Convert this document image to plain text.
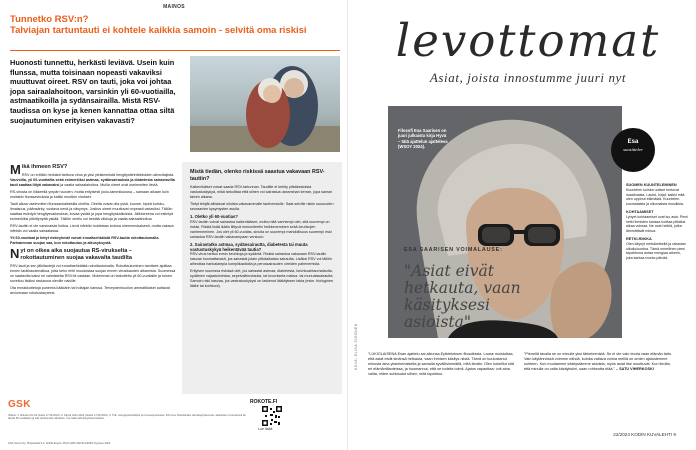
MAINOS
Tunnetko RSV:n?
Talviajan tartuntauti ei kohtele kaikkia samoin - selvitä oma riskisi
Huonosti tunnettu, herkästi leviävä. Usein kuin flunssa, mutta toisinaan nopeasti vakaviksi muuttuvat oireet. RSV on tauti, joka voi johtaa jopa sairaalahoitoon, varsinkin yli 60-vuotiailla, astmaatikoilla ja sydänsairailla. Mistä RSV-taudissa on kyse ja kenen kannattaa ottaa siltä suojautuminen erityisen vakavasti?
M ikä ihmeen RSV?

RSV on erittäin herkästi tarttuva virus ja yksi yleisimmistä hengitystieinfektioiden aiheuttajista. Vauvoilla, yli 60-vuotiailla sekä esimerkiksi astmaa, sydänsairauksia ja diabetesta sairastavilla tauti saattaa liityä vakavaksi ja vaatia sairaalahoitoa. Muilla oireet ovat useimmiten lieviä.

RS-virusta on liikkeellä ympäri vuoden, mutta erityisesti joulu-tammikuussa – samaan aikaan kuin muitakin flunssaviruksia ja kaikki muutkin virukset.

Tauti alkaa useimmiten flunssankaltaisilla oireilla. Oireita voivat olla yskä, kuume, kipeä kurkku, limaisuus, päänsärky, vuotava nenä ja väsymys. Joskus oireet muuttuvat nopeasti vakaviksi. Tällöin saattaa esiintyä hengitysvaikeuksia, kovaa yskää ja jopa hengityskatkoksia. Jälkioireena voi esiintyä esimerkiksi pitkittynyttä yskää. Tällöin oireilu voi kestää viikkoja ja vaatia sairaalahoitoa.

RSV-tautiin ei ole varsinaista hoitoa. Lievä infektio hoidetaan kotona oireenmukaisesti, mutta vakava infektio voi vaatia sairaalassa.

Yli 60-vuotiaat ja tietyt riskiryhmät voivat ennaltaehkäistä RSV-tautia rokottautumalla. Parhaimman suojan saa, kun rokottautuu ja alkusyksystä.

N yt on oikea aika suojautua RS-virukselta – rokottautuminen suojaa vakavalta taudilta

RSV-tauti ja sen jälkitautejä voi ennaltaehkäistä rokottautumalla. Rokottautuminen tarvitsee ajoittaa ennen tautikaudenalkua, jotta keho ehtii muodostaa suojan ennen virusikauden alkamista. Suomessa on saatavilla kaksi eri valmistetta RSV:tä vastaan. Molemmat on tarkoitettu yli 60-vuotiaille ja toinen soveltuu lisäksi raskauna oleville naisille.

Ota ennakkotietoja puheeksi lääkärin tai hoitajan kanssa. Terveydenhuollon ammattilaiset auttavat arvioimaan rokotustarpeesi.

Mistä tiedän, olenko riskissä saastua vakavaan RSV-tautiin?

Kaikenikäiset voivat saada RSV-tartunnan. Tauditle ei kehity pitkäkestoista vastustuskykyä, mikä tarkoittaa että siihen voi sairastua useaminan kerran, jopa saman talven aikana.

Tietyt tekijät altistavat oiluista vakavammalle tautiversiolle. Saat selville riskin suuruuden seuraavien kysymysten avulla.

1. Oletko yli 60-vuotias?

RSV-tautiin voivat sairastua kaikenikäiset, mutta mitä vanhempi olet, sitä suurempi on riskisi. Riskiä lisää ikään liittyvä immuniteetin heikkeneminen sekä keuhkojen vanheneminen. Jos olet yli 60-vuotias, sinulla on suurempi mahdollisuus suurempi riski sairastua RSV-tautiin vakavampaan versioon.

2. Sairastatko astmaa, sydänsairautta, diabetesta tai muuta vastustuskykyä heikentävää tautia?

RSV-virus tarttuu ensin keuhkoja ja sydäntä. Riskisi sairastua vakavaan RSV-tautiin kasvaa huomattavasti, jos sairastat jotain pitkäaikaista sairautta. Lisäksi RSV voi tällöin aiheuttaa hankalampia komplikaatioita ja perussairauden oireiden pahenemista.

Erityisen suuressa riskissä olet, jos sairastat astmaa, diabetesta, keuhkoahtaumatautia, sydämen vajaatoimintaa, sepelvaltimotautia, tai krooniseta maksa- tai munuaissairautta. Samoin riski kasvaa, jos vastustuskykysi on laskenut lääkityksen takia (esim. biologinen lääke tai kortisoni).

GSK	ROKOTE.FI
Lue lisää
Viitteet: 1. Rokote.info Oli (luettu 17.09.2024). 2. Käyvä hoito 2024 (viitattu 17.09.2024). 3. THL. Hengitystieinfektiot ja immuunipuolustus. RS-virus. Rokotteiden valmisteyhteenveto, aktiivisten immunisointi tai tämän 60-vuotiaiden ja sitä vanhempien aikuisten. Lue lisää valmisteyhteenvedosta.
GSK Suomi Oy, Piispansilta 9 A, 02230 Espoo. PM-FI-ABX-ADVR-240003 Syyskuu 2024
levottomat
Asiat, joista innostumme juuri nyt
Filosofi Esa Saarisen on juuri julkaistu kirja Hyvä – tätä ajattelun ajatteleva (WSOY 2024).
Esa
suosittelee
SUOMEN KUUNTELEMINEN
Kuuntelen kuinka uutiset kertovat maailmasta. Laulut, kirjat, kaikki mitä olen oppinut elämästä. Kuuntelen suomalaista ja ulkomaista musiikkia.
KOHTAAMISET
Lyhyet kohtaamiset ovat iso asia. Pieni hetki ihmisten kanssa tuottaa pitkäksi aikaa voimaa. Ne ovat hetkiä, jotka lämmittävät minua.
RETKI-RIIKKA
Olen käynyt metsäretkellä ja rakastan ulkoiluluontoa. Tämä onnellinen pieni tapahtuma antaa energiaa arkeen, joka kantaa monta päivää.
ESA SAARISEN VOIMALAUSE:
"Asiat eivät hetkauta, vaan käsityksesi asioista"
KUVA: ELINA SIMONEN	"LUKIOLAISENA Esan ajattelu sai alkunsa Epiktetoksen filosofiasta. Lause muistuttaa, että asiat eivät sinänsä hetkauta, vaan ihmisen käsitys niistä. Tämä on kuulostanut minusta aina yksinkertaiselta ja samalla syvällisimmältä, mitä tiedän. Olen kokeillut sitä eri elämäntilanteissa, ja huomannut, että se todella toimii. Ajatus vapauttaa: voit aina valita, miten suhtaudut siihen, mitä tapahtuu.
"Pienellä tavalla se on minulle yksi tärkeimmistä. Se ei ole vain teoria vaan elämän taito. Vain käytännössä voimme nähdä, kuinka valtava voima meillä on omien ajatustemme suhteen. Kun muutamme käsitystämme asioista, myös asiat itse muuttuvat. Kun tiedän, että minulla on valta käsityksiini, saan rohkeutta elää." – SATU VIHERKOSKI
22/2024 KODIN KUVALEHTI 9
